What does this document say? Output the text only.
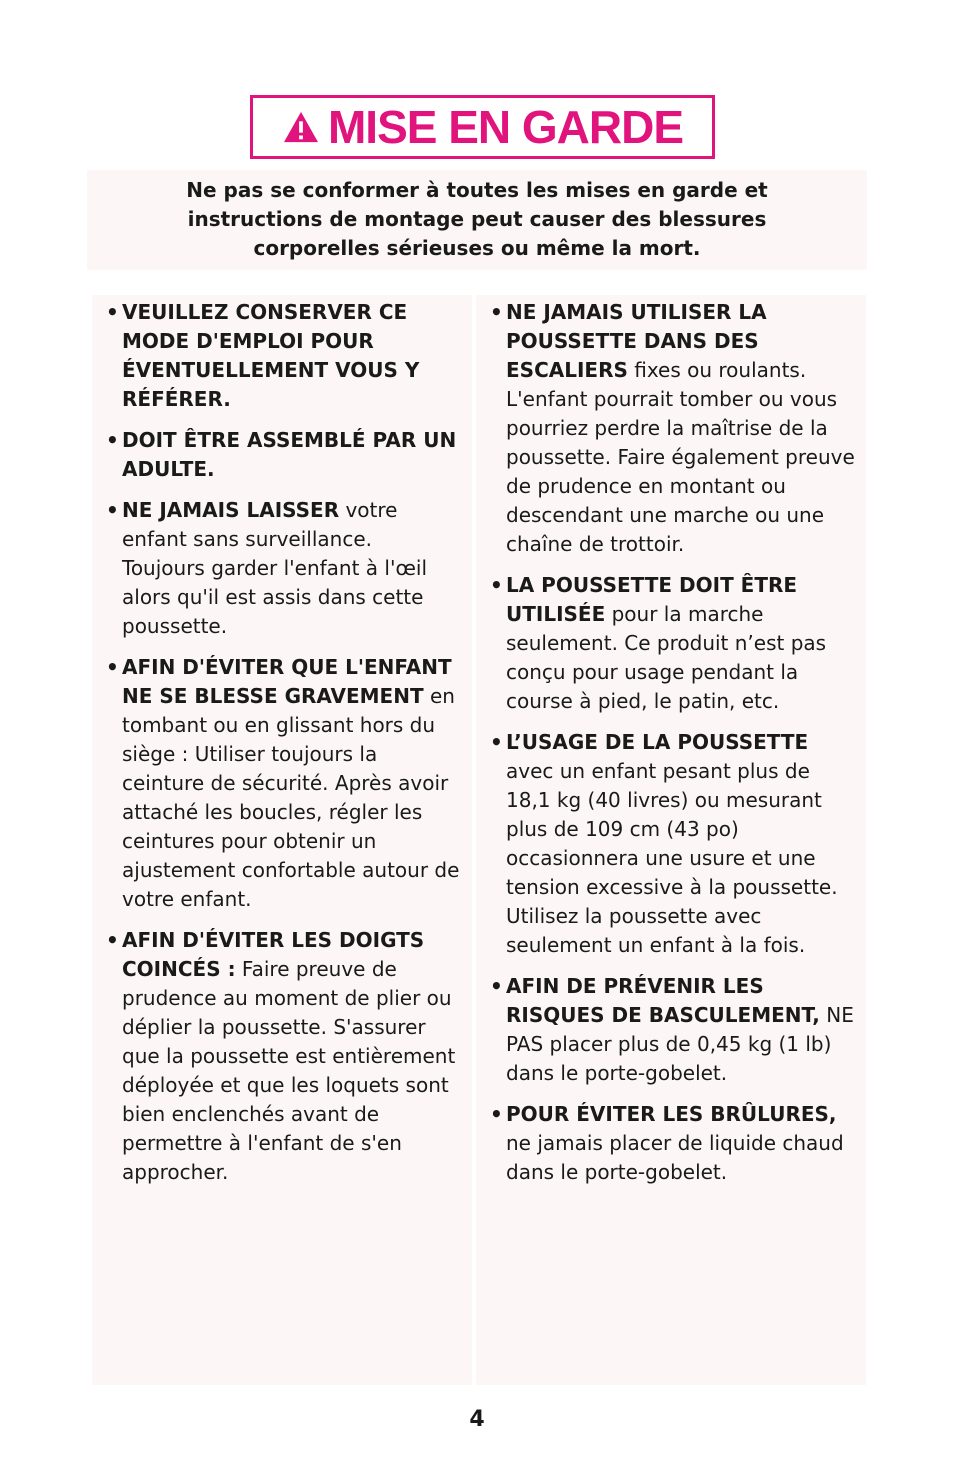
MISE EN GARDE

Ne pas se conformer à toutes les mises en garde et

instructions de montage peut causer des blessures

corporelles sérieuses ou même la mort.

• VEUILLEZ CONSERVER CE MODE D'EMPLOI POUR ÉVENTUELLEMENT VOUS Y RÉFÉRER.
• DOIT ÊTRE ASSEMBLÉ PAR UN ADULTE.
• NE JAMAIS LAISSER votre enfant sans surveillance. Toujours garder l'enfant à l'œil alors qu'il est assis dans cette poussette.
• AFIN D'ÉVITER QUE L'ENFANT NE SE BLESSE GRAVEMENT en tombant ou en glissant hors du siège : Utiliser toujours la ceinture de sécurité. Après avoir attaché les boucles, régler les ceintures pour obtenir un ajustement confortable autour de votre enfant.
• AFIN D'ÉVITER LES DOIGTS COINCÉS : Faire preuve de prudence au moment de plier ou déplier la poussette. S'assurer que la poussette est entièrement déployée et que les loquets sont bien enclenchés avant de permettre à l'enfant de s'en approcher.
• NE JAMAIS UTILISER LA POUSSETTE DANS DES ESCALIERS fixes ou roulants. L'enfant pourrait tomber ou vous pourriez perdre la maîtrise de la poussette. Faire également preuve de prudence en montant ou descendant une marche ou une chaîne de trottoir.
• LA POUSSETTE DOIT ÊTRE UTILISÉE pour la marche seulement. Ce produit n’est pas conçu pour usage pendant la course à pied, le patin, etc.
• L’USAGE DE LA POUSSETTE avec un enfant pesant plus de 18,1 kg (40 livres) ou mesurant plus de 109 cm (43 po) occasionnera une usure et une tension excessive à la poussette. Utilisez la poussette avec seulement un enfant à la fois.
• AFIN DE PRÉVENIR LES RISQUES DE BASCULEMENT, NE PAS placer plus de 0,45 kg (1 lb) dans le porte-gobelet.
• POUR ÉVITER LES BRÛLURES, ne jamais placer de liquide chaud dans le porte-gobelet.
4
